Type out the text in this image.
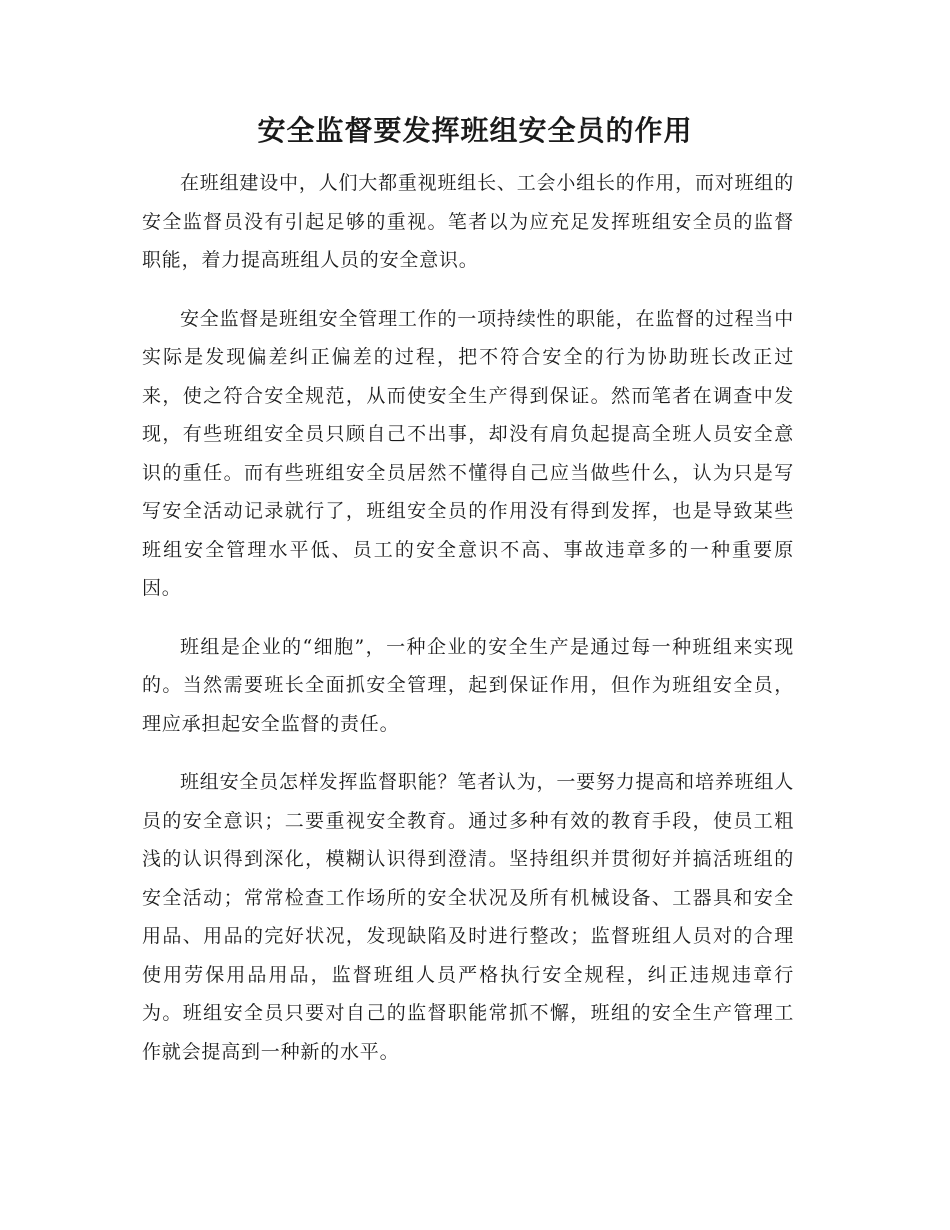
安全监督要发挥班组安全员的作用

在班组建设中，人们大都重视班组长、工会小组长的作用，而对班组的安全监督员没有引起足够的重视。笔者以为应充足发挥班组安全员的监督职能，着力提高班组人员的安全意识。

安全监督是班组安全管理工作的一项持续性的职能，在监督的过程当中实际是发现偏差纠正偏差的过程，把不符合安全的行为协助班长改正过来，使之符合安全规范，从而使安全生产得到保证。然而笔者在调查中发现，有些班组安全员只顾自己不出事，却没有肩负起提高全班人员安全意识的重任。而有些班组安全员居然不懂得自己应当做些什么，认为只是写写安全活动记录就行了，班组安全员的作用没有得到发挥，也是导致某些班组安全管理水平低、员工的安全意识不高、事故违章多的一种重要原因。

班组是企业的“细胞”，一种企业的安全生产是通过每一种班组来实现的。当然需要班长全面抓安全管理，起到保证作用，但作为班组安全员，理应承担起安全监督的责任。

班组安全员怎样发挥监督职能？笔者认为，一要努力提高和培养班组人员的安全意识；二要重视安全教育。通过多种有效的教育手段，使员工粗浅的认识得到深化，模糊认识得到澄清。坚持组织并贯彻好并搞活班组的安全活动；常常检查工作场所的安全状况及所有机械设备、工器具和安全用品、用品的完好状况，发现缺陷及时进行整改；监督班组人员对的合理使用劳保用品用品，监督班组人员严格执行安全规程，纠正违规违章行为。班组安全员只要对自己的监督职能常抓不懈，班组的安全生产管理工作就会提高到一种新的水平。
